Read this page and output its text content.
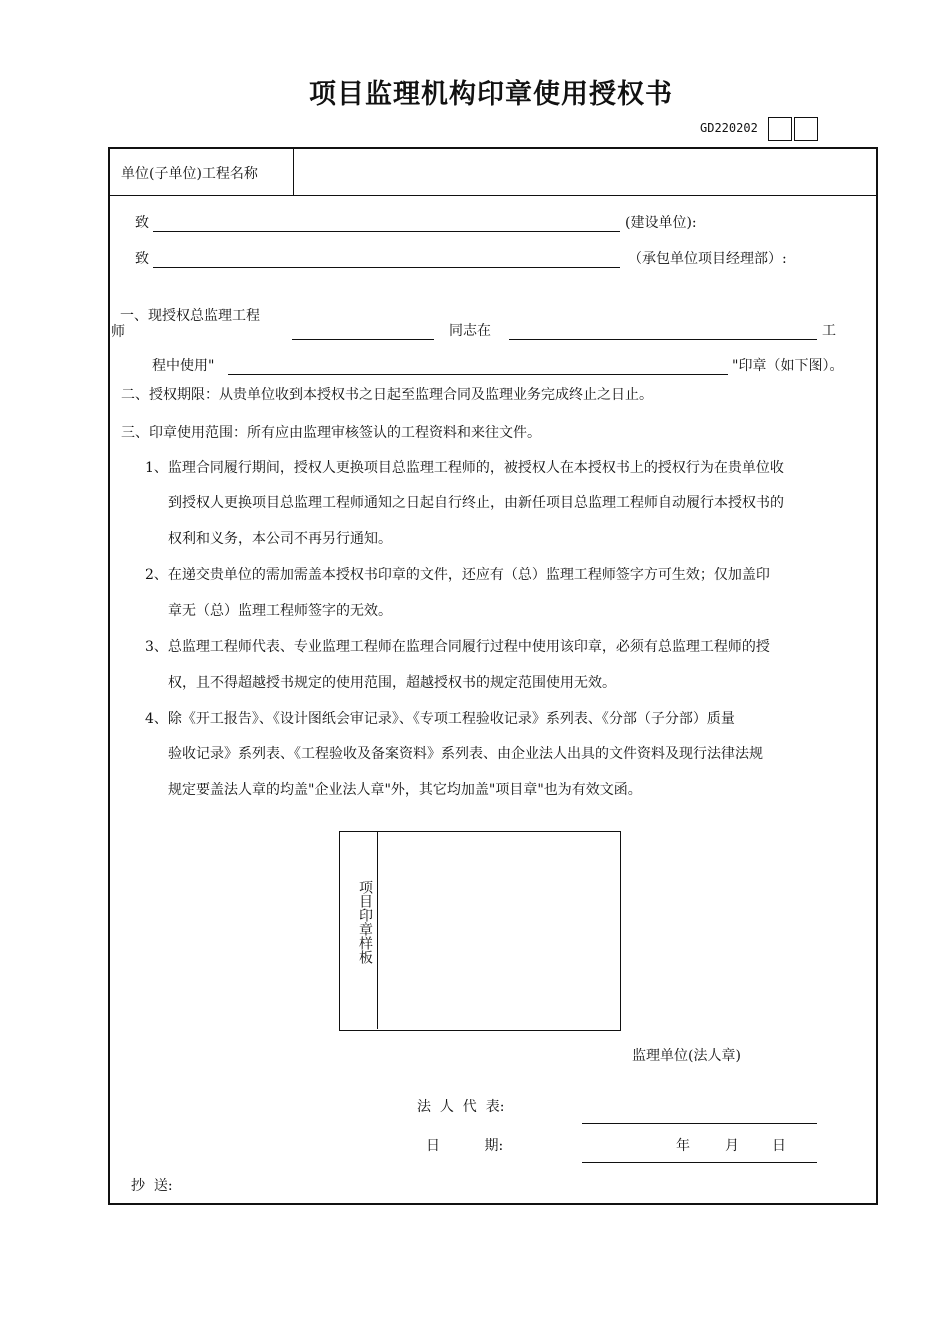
项目监理机构印章使用授权书
GD220202
单位(子单位)工程名称
致	(建设单位):
致	（承包单位项目经理部）:
一、现授权总监理工程
师	同志在	工
程中使用"	"印章（如下图）。
二、授权期限：从贵单位收到本授权书之日起至监理合同及监理业务完成终止之日止。
三、印章使用范围：所有应由监理审核签认的工程资料和来往文件。
1、监理合同履行期间，授权人更换项目总监理工程师的，被授权人在本授权书上的授权行为在贵单位收
到授权人更换项目总监理工程师通知之日起自行终止，由新任项目总监理工程师自动履行本授权书的
权利和义务，本公司不再另行通知。
2、在递交贵单位的需加需盖本授权书印章的文件，还应有（总）监理工程师签字方可生效；仅加盖印
章无（总）监理工程师签字的无效。
3、总监理工程师代表、专业监理工程师在监理合同履行过程中使用该印章，必须有总监理工程师的授
权，且不得超越授书规定的使用范围，超越授权书的规定范围使用无效。
4、除《开工报告》、《设计图纸会审记录》、《专项工程验收记录》系列表、《分部（子分部）质量
验收记录》系列表、《工程验收及备案资料》系列表、由企业法人出具的文件资料及现行法律法规
规定要盖法人章的均盖"企业法人章"外，其它均加盖"项目章"也为有效文函。
项目印章样板
监理单位(法人章)
法  人  代  表:
日          期:	年	月 日
抄  送:
